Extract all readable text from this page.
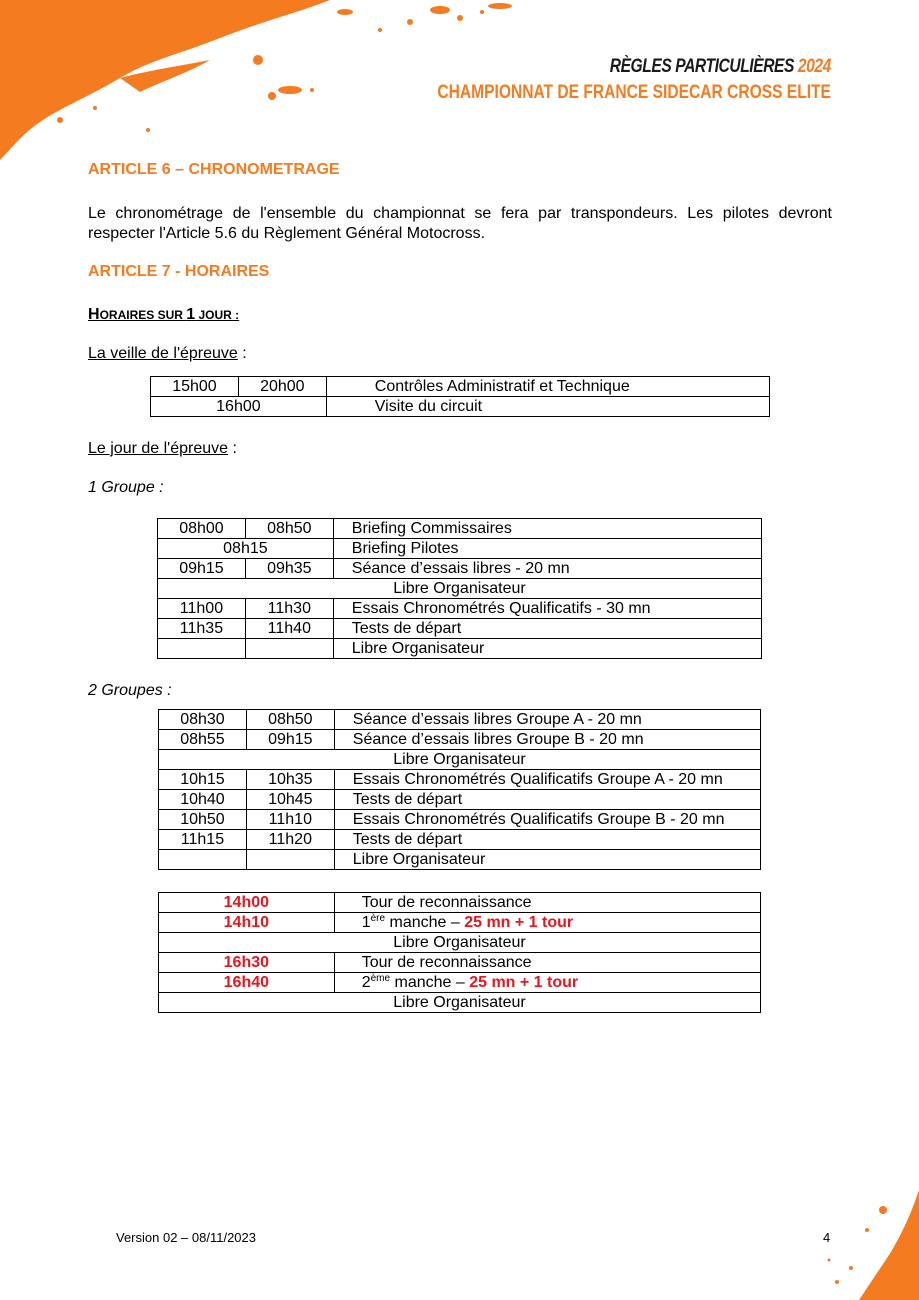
RÈGLES PARTICULIÈRES 2024
CHAMPIONNAT DE FRANCE SIDECAR CROSS ELITE
ARTICLE 6 – CHRONOMETRAGE
Le chronométrage de l'ensemble du championnat se fera par transpondeurs. Les pilotes devront respecter l'Article 5.6 du Règlement Général Motocross.
ARTICLE 7 - HORAIRES
HORAIRES SUR 1 JOUR :
La veille de l'épreuve :
15h00	20h00	Contrôles Administratif et Technique
16h00		Visite du circuit
Le jour de l'épreuve :
1 Groupe :
08h00	08h50	Briefing Commissaires
08h15		Briefing Pilotes
09h15	09h35	Séance d’essais libres - 20 mn
Libre Organisateur		
11h00	11h30	Essais Chronométrés Qualificatifs - 30 mn
11h35	11h40	Tests de départ
		Libre Organisateur
2 Groupes :
08h30	08h50	Séance d’essais libres Groupe A - 20 mn
08h55	09h15	Séance d’essais libres Groupe B - 20 mn
Libre Organisateur		
10h15	10h35	Essais Chronométrés Qualificatifs Groupe A - 20 mn
10h40	10h45	Tests de départ
10h50	11h10	Essais Chronométrés Qualificatifs Groupe B - 20 mn
11h15	11h20	Tests de départ
		Libre Organisateur
14h00	Tour de reconnaissance
14h10	1ère manche – 25 mn + 1 tour
Libre Organisateur	
16h30	Tour de reconnaissance
16h40	2ème manche – 25 mn + 1 tour
Libre Organisateur	
Version 02 – 08/11/2023	4
